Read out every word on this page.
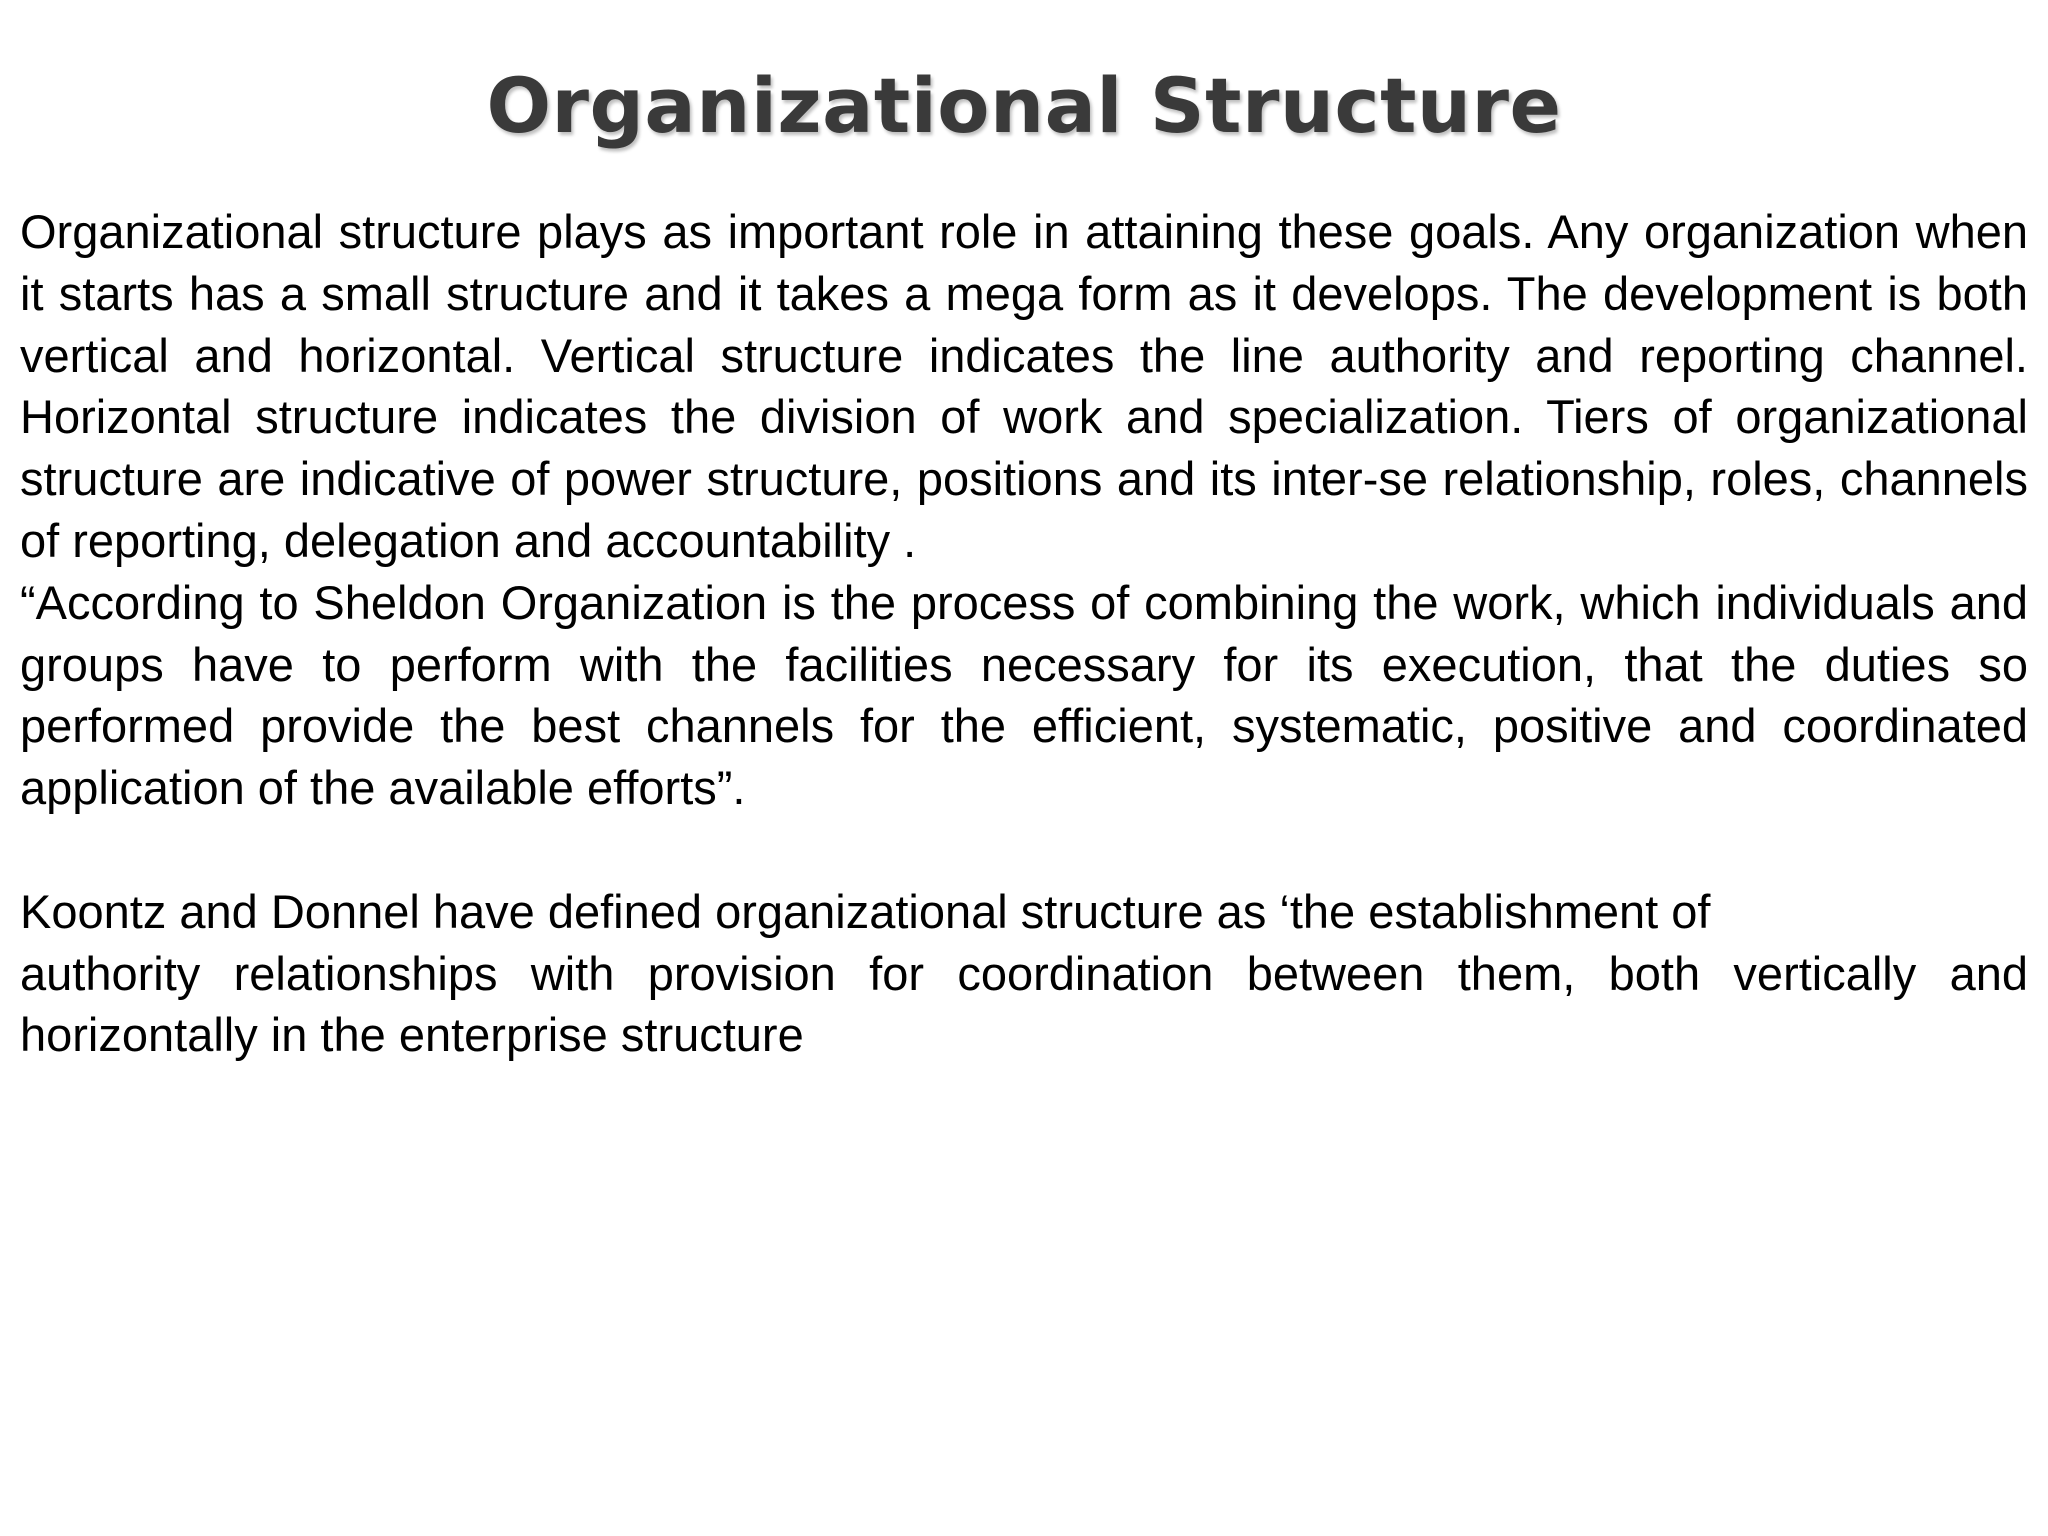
Organizational Structure

Organizational structure plays as important role in attaining these goals. Any organization when it starts has a small structure and it takes a mega form as it develops. The development is both vertical and horizontal. Vertical structure indicates the line authority and reporting channel. Horizontal structure indicates the division of work and specialization. Tiers of organizational structure are indicative of power structure, positions and its inter-se relationship, roles, channels of reporting, delegation and accountability .

“According to Sheldon Organization is the process of combining the work, which individuals and groups have to perform with the facilities necessary for its execution, that the duties so performed provide the best channels for the efficient, systematic, positive and coordinated application of the available efforts”.

Koontz and Donnel have defined organizational structure as ‘the establishment of

authority relationships with provision for coordination between them, both vertically and horizontally in the enterprise structure
